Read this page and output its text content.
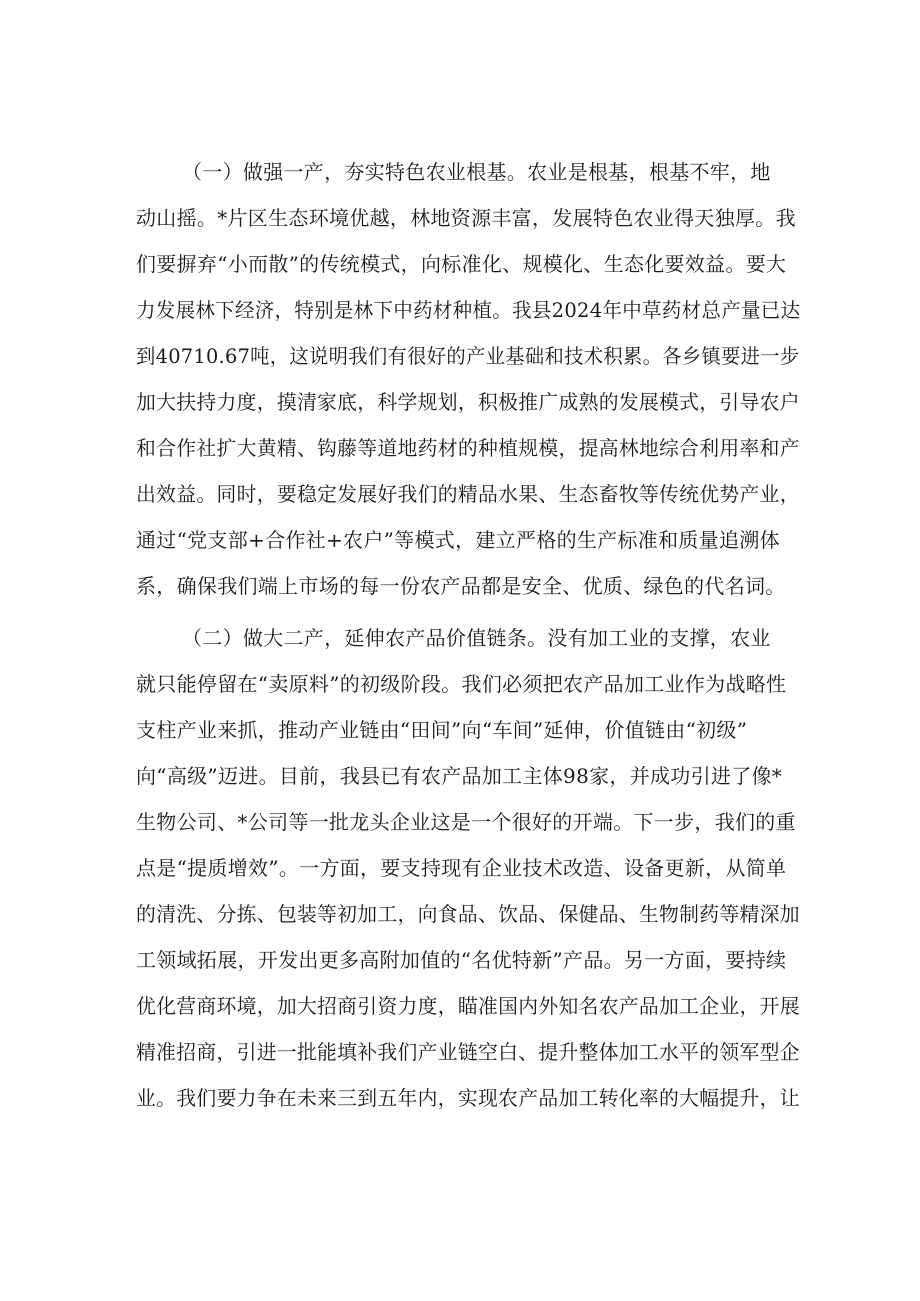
（一）做强一产，夯实特色农业根基。农业是根基，根基不牢，地
动山摇。*片区生态环境优越，林地资源丰富，发展特色农业得天独厚。我
们要摒弃“小而散”的传统模式，向标准化、规模化、生态化要效益。要大
力发展林下经济，特别是林下中药材种植。我县2024年中草药材总产量已达
到40710.67吨，这说明我们有很好的产业基础和技术积累。各乡镇要进一步
加大扶持力度，摸清家底，科学规划，积极推广成熟的发展模式，引导农户
和合作社扩大黄精、钩藤等道地药材的种植规模，提高林地综合利用率和产
出效益。同时，要稳定发展好我们的精品水果、生态畜牧等传统优势产业，
通过“党支部+合作社+农户”等模式，建立严格的生产标准和质量追溯体
系，确保我们端上市场的每一份农产品都是安全、优质、绿色的代名词。
（二）做大二产，延伸农产品价值链条。没有加工业的支撑，农业
就只能停留在“卖原料”的初级阶段。我们必须把农产品加工业作为战略性
支柱产业来抓，推动产业链由“田间”向“车间”延伸，价值链由“初级”
向“高级”迈进。目前，我县已有农产品加工主体98家，并成功引进了像*
生物公司、*公司等一批龙头企业这是一个很好的开端。下一步，我们的重
点是“提质增效”。一方面，要支持现有企业技术改造、设备更新，从简单
的清洗、分拣、包装等初加工，向食品、饮品、保健品、生物制药等精深加
工领域拓展，开发出更多高附加值的“名优特新”产品。另一方面，要持续
优化营商环境，加大招商引资力度，瞄准国内外知名农产品加工企业，开展
精准招商，引进一批能填补我们产业链空白、提升整体加工水平的领军型企
业。我们要力争在未来三到五年内，实现农产品加工转化率的大幅提升，让
